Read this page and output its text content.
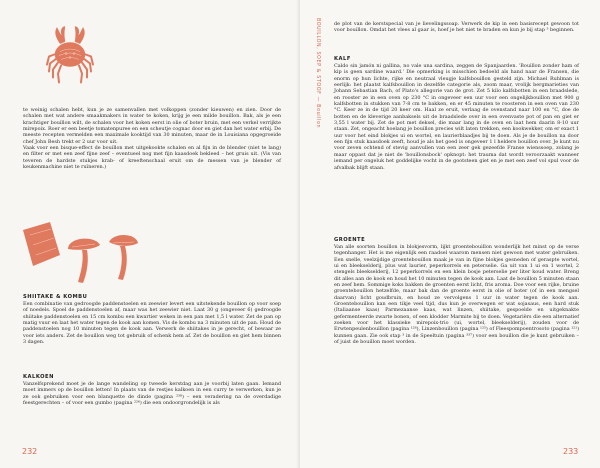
te weinig schalen hebt, kun je ze samenvallen met volkoppen (zonder kieuwen) en zien. Door de schalen met wat andere smaakmakers in water te koken, krijg je een milde bouillon. Bak, als je een krachtiger bouillon wilt, de schalen voor het koken eerst in olie of boter bruin, met een verkel verrijkte mirepoix. Roer er een beetje tomatenpuree en een scheutje cognac door en giet dan het water erbij. De meeste recepten vermelden een maximale kooktijd van 30 minuten, maar de in Louisiana opgegroeide chef John Besh trekt er 2 uur voor uit.
Vaak voor een bisque-effect de bouillon met uitgekookte schalen en al fijn in de blender (niet te lang) en filter er met een zeef fijne zeef – eventueel nog met fijn kaasdoek bekleed – het gruis uit. (Vis van teveren de hardste stukjes krab- of kreeftenschaal eruit om de messen van je blender of keukenmachine niet te ruïneren.)

SHIITAKE & KOMBU

Een combinatie van gedroogde paddenstoelen en zeewier levert een uitstekende bouillon op voor soep of noedels. Spoel de paddenstoelen af, maar was het zeewier niet. Laat 30 g (ongeveer 6) gedroogde shiitake paddenstoelen en 15 cm kombu een kwartier weken in een pan met 1,5 l water. Zet de pan op matig vuur en laat het water tegen de kook aan komen. Vis de kombu na 3 minuten uit de pan. Houd de paddenstoelen nog 10 minuten tegen de kook aan. Verwerk de shiitakes in je gerecht, of bewaar ze voor iets anders. Zet de bouillon weg tot gebruik of schenk hem af. Zet de bouillon en giet hem binnen 3 dagen.

KALKOEN

Vanzelfsprekend moet je de lange wandeling op tweede kerstdag aan je voorbij laten gaan. Iemand moet immers op de bouillon letten! In plaats van de restjes kalkoen in een curry te verwerken, kun je ze ook gebruiken voor een blanquette de dinde (pagina ²³⁸) – een veradering na de overdadige feestgerechten – of voor een gumbo (pagina ²²⁶) die een ondoorgrondelijk is als

232
BOUILLON, SOEP & STOOF — Bouillon	de plot van de kerstspecial van je lievelingssoap. Verwerk de kip in een basisrecept gewoon tot voor bouillon. Omdat het vlees al gaar is, hoef je het niet te braden en kun je bij stap ³ beginnen.

KALF

Caldo sin jamón ni gallina, no vale una sardina, zeggen de Spanjaarden. 'Bouillon zonder ham of kip is geen sardine waard.' Die opmerking is misschien bedoeld als hand naar de Fransen, die enorm op hun lichte, rijke en neutraal vleugje kalfsbouillon gesteld zijn. Michael Ruhlman is eerlijk: het plaatst kalfsbouillon in dezelfde categorie als, zoom maar, vrolijk bergmarieties van Johann Sebastian Bach, of Plato's allegorie van de grot. Zet 5 kilo kalfsbotten in een braadslede, en rooster ze in een oven op 230 °C in ongeveer een uur voor een ongelijkbouillon met 900 g kalfsbotten in stukken van 7-8 cm te bakken, en er 45 minuten te roosteren in een oven van 230 °C. Keer ze in de tijd 20 keer om. Haal ze eruit, verlaag de ovenstand naar 100 en °C, doe de botten en de kleverige aanbaksels uit de braadslede over in een ovenvaste pot of pan en giet er 3,55 l water bij. Zet de pot met deksel, die maar lang in de oven en laat hem daarin 8-10 uur staan. Zet, ongeacht hoelang je bouillon precies wilt laten trekken, een kookwekker, om er exact 1 uur voor het eind blokjes ui en wortel, en laurierblaadjes bij te doen. Als je de bouillon na door een fijn stuk kaasdoek zeeft, houd je als het goed is ongeveer 1 l heldere bouillon over. Je kunt nu voor zeven ochtend of stevig aanvullen van een zeer gek gezeefde Franse wienssoep, zolang je maar oppast dat je niet de 'bouillonsbock' opknopt: het trauma dat wordt veroorzaakt wanneer iemand per ongeluk het goddelijke vocht in de gootsteen giet en je met een zeef vol spul voor de afvalbak blijft staan.

GROENTE

Van alle soorten bouillon in blokjesvorm, lijkt groentebouillon wonderlijk het minst op de verse tegenhanger. Het is me eigenlijk een raadsel waarom mensen niet gewoon met water gebruiken. Een snelle, veelzijdige groentebouillon maak je van in fijne blokjes gesneden of geraspte wortel, ui en bleekselderij, plus wat laurier, peperkorrels en peterselie. Ga uit van 1 ui en 1 wortel, 2 stengels bleekselderij, 12 peperkorrels en een klein bosje peterselie per liter koud water. Breng dit alles aan de kook en houd het 10 minuten tegen de kook aan. Laat de bouillon 5 minuten staan en zeef hem. Sommige koks bakken de groenten eerst licht, fris aroma. Doe voor een rijke, bruine groentebouillon hetzelfde, maar bak dan de groente eerst in olie of boter (of in een mengsel daarvan) licht goudbruin, en houd ze vervolgens 1 uur in water tegen de kook aan. Groentebouillon kan een tikje veel tijd, dus kun je overwegen er wat sojasaus, een hard stuk (Italiaanse kaas) Parmezaanse kaas, wat linzen, shiitake, gespoelde en uitgeknakte gefermenteerde zwarte bonen, of een klodder Marmite bij te doen. Vegetariërs die een alternatief zoeken voor het klassieke mirepoix-trio (ui, wortel, bleekselderij), zouden voor de Erwtenpeulenbouillon (pagina ¹²⁸), Linzenbouillon (pagina ¹²⁵) of Fleespompoentrosoto (pagina ¹²¹) kunnen gaan. Zie ook stap ³ in de Speeltuin (pagina ³³⁷) voor een bouillon die je kunt gebruiken – of juist de bouillon moet worden.

233
